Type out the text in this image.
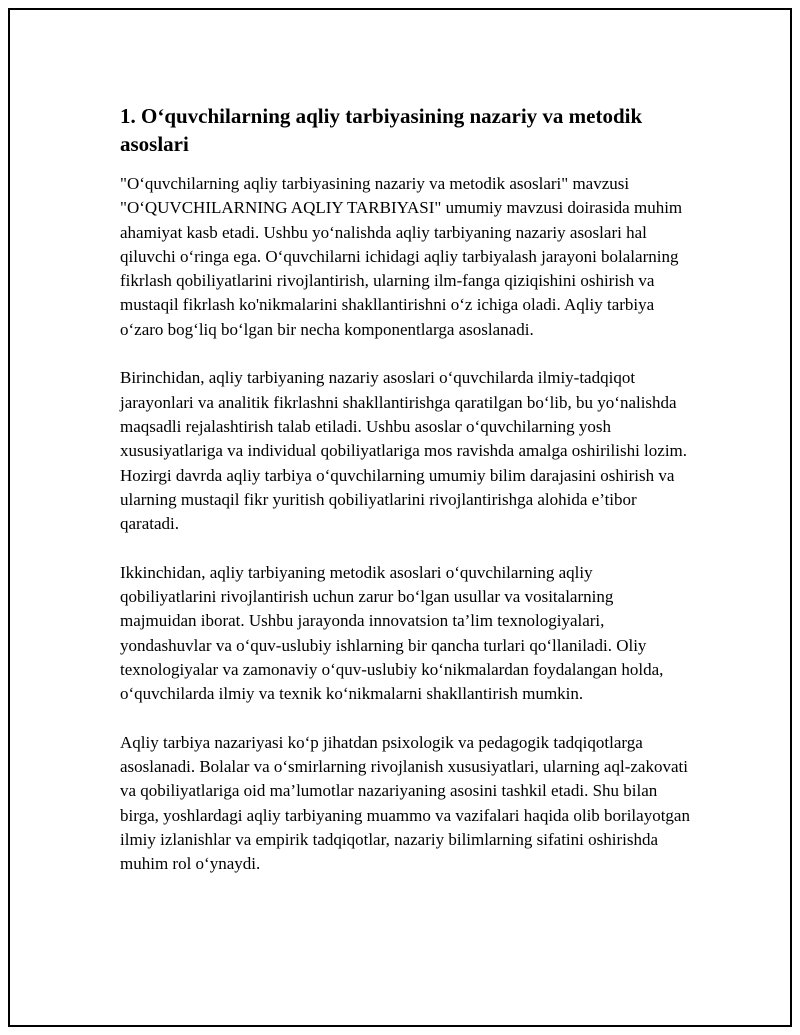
1. O‘quvchilarning aqliy tarbiyasining nazariy va metodik asoslari

"O‘quvchilarning aqliy tarbiyasining nazariy va metodik asoslari" mavzusi "O‘QUVCHILARNING AQLIY TARBIYASI" umumiy mavzusi doirasida muhim ahamiyat kasb etadi. Ushbu yo‘nalishda aqliy tarbiyaning nazariy asoslari hal qiluvchi o‘ringa ega. O‘quvchilarni ichidagi aqliy tarbiyalash jarayoni bolalarning fikrlash qobiliyatlarini rivojlantirish, ularning ilm-fanga qiziqishini oshirish va mustaqil fikrlash ko'nikmalarini shakllantirishni o‘z ichiga oladi. Aqliy tarbiya o‘zaro bog‘liq bo‘lgan bir necha komponentlarga asoslanadi.

Birinchidan, aqliy tarbiyaning nazariy asoslari o‘quvchilarda ilmiy-tadqiqot jarayonlari va analitik fikrlashni shakllantirishga qaratilgan bo‘lib, bu yo‘nalishda maqsadli rejalashtirish talab etiladi. Ushbu asoslar o‘quvchilarning yosh xususiyatlariga va individual qobiliyatlariga mos ravishda amalga oshirilishi lozim. Hozirgi davrda aqliy tarbiya o‘quvchilarning umumiy bilim darajasini oshirish va ularning mustaqil fikr yuritish qobiliyatlarini rivojlantirishga alohida e’tibor qaratadi.

Ikkinchidan, aqliy tarbiyaning metodik asoslari o‘quvchilarning aqliy qobiliyatlarini rivojlantirish uchun zarur bo‘lgan usullar va vositalarning majmuidan iborat. Ushbu jarayonda innovatsion ta’lim texnologiyalari, yondashuvlar va o‘quv-uslubiy ishlarning bir qancha turlari qo‘llaniladi. Oliy texnologiyalar va zamonaviy o‘quv-uslubiy ko‘nikmalardan foydalangan holda, o‘quvchilarda ilmiy va texnik ko‘nikmalarni shakllantirish mumkin.

Aqliy tarbiya nazariyasi ko‘p jihatdan psixologik va pedagogik tadqiqotlarga asoslanadi. Bolalar va o‘smirlarning rivojlanish xususiyatlari, ularning aql-zakovati va qobiliyatlariga oid ma’lumotlar nazariyaning asosini tashkil etadi. Shu bilan birga, yoshlardagi aqliy tarbiyaning muammo va vazifalari haqida olib borilayotgan ilmiy izlanishlar va empirik tadqiqotlar, nazariy bilimlarning sifatini oshirishda muhim rol o‘ynaydi.
